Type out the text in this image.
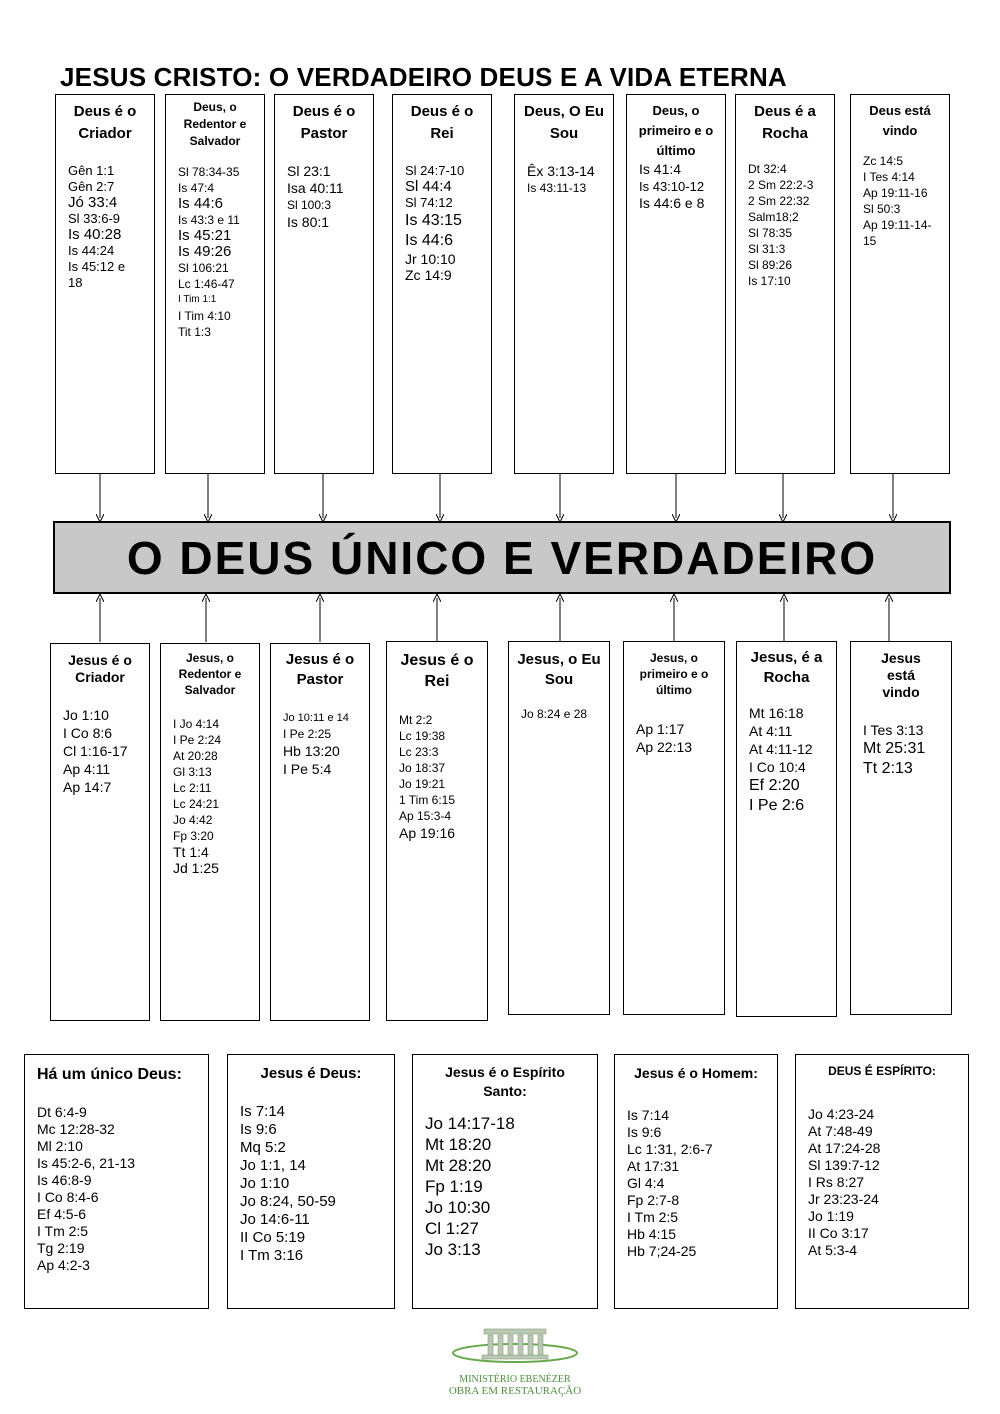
JESUS CRISTO: O VERDADEIRO DEUS E A VIDA ETERNA
Deus é o Criador
Gên 1:1
Gên 2:7
Jó 33:4
Sl 33:6-9
Is 40:28
Is 44:24
Is 45:12 e
18
Deus, o Redentor e Salvador
Sl 78:34-35
Is 47:4
Is 44:6
Is 43:3 e 11
Is 45:21
Is 49:26
Sl 106:21
Lc 1:46-47
I Tim 1:1
I Tim 4:10
Tit 1:3
Deus é o Pastor
Sl 23:1
Isa 40:11
Sl 100:3
Is 80:1
Deus é o Rei
Sl 24:7-10
Sl 44:4
Sl 74:12
Is 43:15
Is 44:6
Jr 10:10
Zc 14:9
Deus, O Eu Sou
Êx 3:13-14
Is 43:11-13
Deus, o primeiro e o último
Is 41:4
Is 43:10-12
Is 44:6 e 8
Deus é a Rocha
Dt 32:4
2 Sm 22:2-3
2 Sm 22:32
Salm18;2
Sl 78:35
Sl 31:3
Sl 89:26
Is 17:10
Deus está vindo
Zc 14:5
I Tes 4:14
Ap 19:11-16
Sl 50:3
Ap 19:11-14-
15
O DEUS ÚNICO E VERDADEIRO
Jesus é o Criador
Jo 1:10
I Co 8:6
Cl 1:16-17
Ap 4:11
Ap 14:7
Jesus, o Redentor e Salvador
I Jo 4:14
I Pe 2:24
At 20:28
Gl 3:13
Lc 2:11
Lc 24:21
Jo 4:42
Fp 3:20
Tt 1:4
Jd 1:25
Jesus é o Pastor
Jo 10:11 e 14
I Pe 2:25
Hb 13:20
I Pe 5:4
Jesus é o Rei
Mt 2:2
Lc 19:38
Lc 23:3
Jo 18:37
Jo 19:21
1 Tim 6:15
Ap 15:3-4
Ap 19:16
Jesus, o Eu Sou
Jo 8:24 e 28
Jesus, o primeiro e o último
Ap 1:17
Ap 22:13
Jesus, é a Rocha
Mt 16:18
At 4:11
At 4:11-12
I Co 10:4
Ef 2:20
I Pe 2:6
Jesus está vindo
I Tes 3:13
Mt 25:31
Tt 2:13
Há um único Deus:
Dt 6:4-9
Mc 12:28-32
Ml 2:10
Is 45:2-6, 21-13
Is 46:8-9
I Co 8:4-6
Ef 4:5-6
I Tm 2:5
Tg 2:19
Ap 4:2-3
Jesus é Deus:
Is 7:14
Is 9:6
Mq 5:2
Jo 1:1, 14
Jo 1:10
Jo 8:24, 50-59
Jo 14:6-11
II Co 5:19
I Tm 3:16
Jesus é o Espírito Santo:
Jo 14:17-18
Mt 18:20
Mt 28:20
Fp 1:19
Jo 10:30
Cl 1:27
Jo 3:13
Jesus é o Homem:
Is 7:14
Is 9:6
Lc 1:31, 2:6-7
At 17:31
Gl 4:4
Fp 2:7-8
I Tm 2:5
Hb 4:15
Hb 7;24-25
DEUS É ESPÍRITO:
Jo 4:23-24
At 7:48-49
At 17:24-28
Sl 139:7-12
I Rs 8:27
Jr 23:23-24
Jo 1:19
II Co 3:17
At 5:3-4
MINISTÉRIO EBENÉZER
OBRA EM RESTAURAÇÃO
